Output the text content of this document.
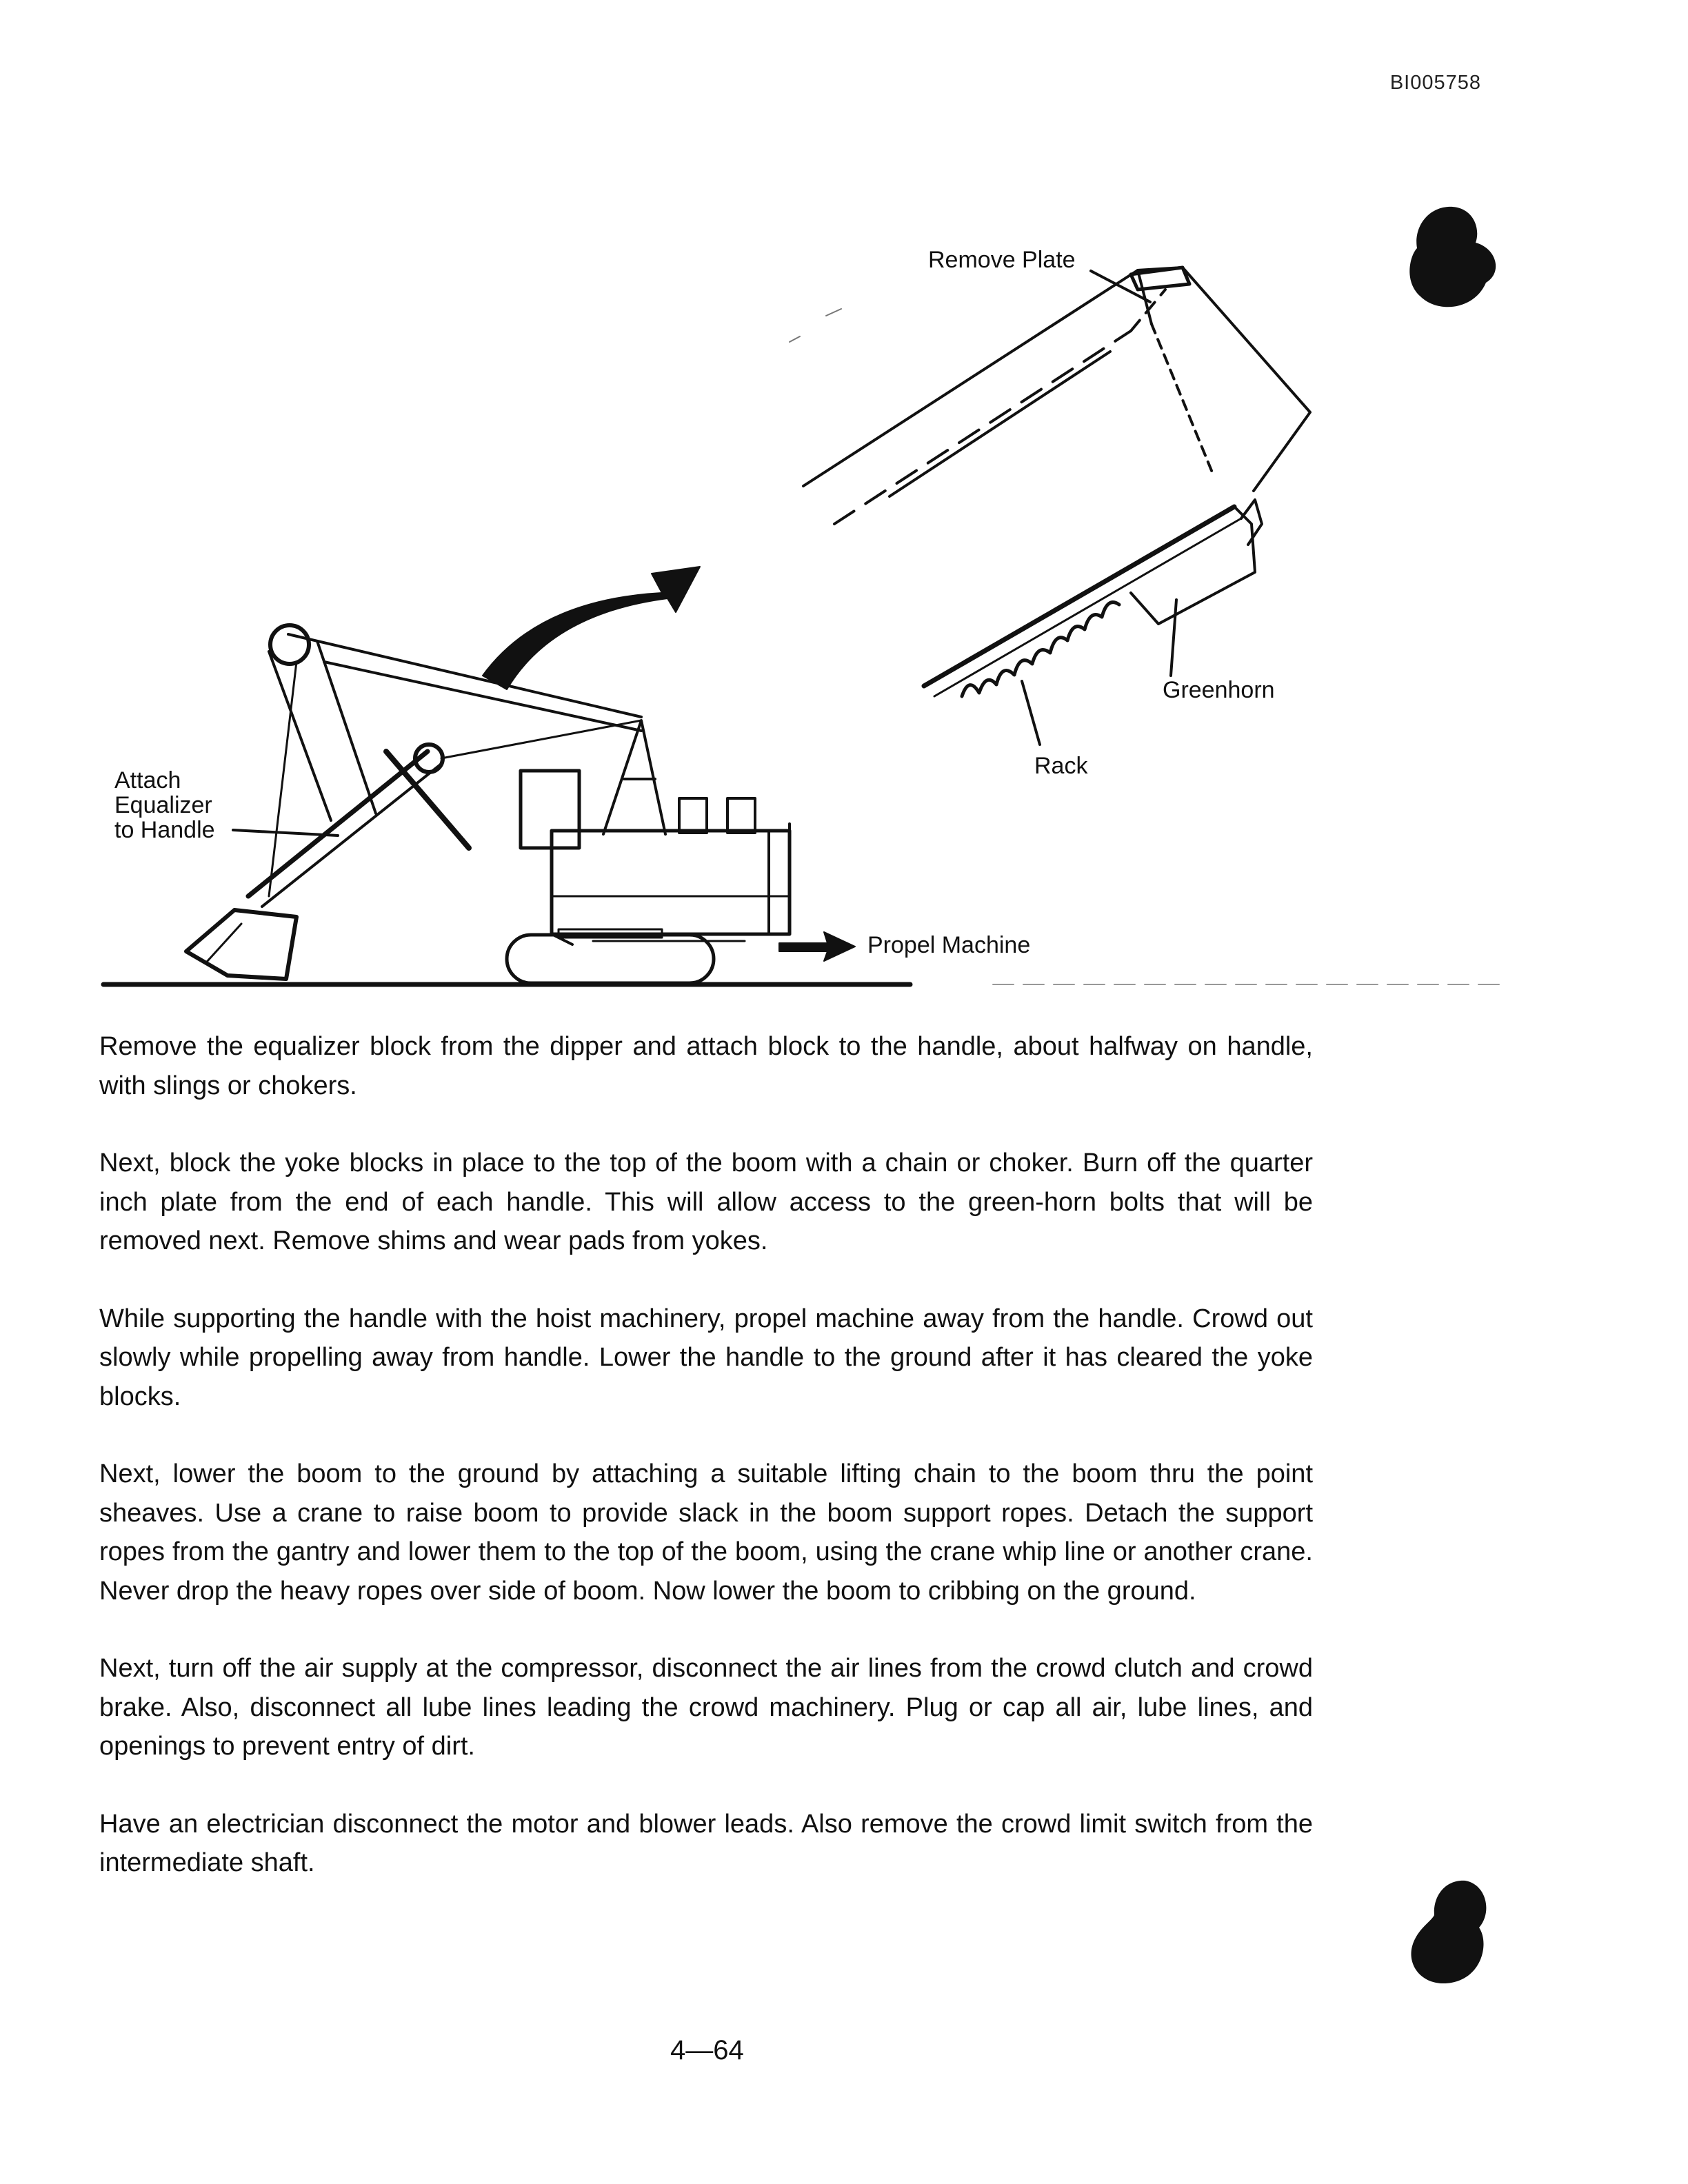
BI005758
Remove Plate
Greenhorn
Rack
Attach
Equalizer
to Handle
Propel Machine

Remove the equalizer block from the dipper and attach block to the handle, about halfway on handle, with slings or chokers.

Next, block the yoke blocks in place to the top of the boom with a chain or choker. Burn off the quarter inch plate from the end of each handle. This will allow access to the green-horn bolts that will be removed next. Remove shims and wear pads from yokes.

While supporting the handle with the hoist machinery, propel machine away from the handle. Crowd out slowly while propelling away from handle. Lower the handle to the ground after it has cleared the yoke blocks.

Next, lower the boom to the ground by attaching a suitable lifting chain to the boom thru the point sheaves. Use a crane to raise boom to provide slack in the boom support ropes. Detach the support ropes from the gantry and lower them to the top of the boom, using the crane whip line or another crane. Never drop the heavy ropes over side of boom. Now lower the boom to cribbing on the ground.

Next, turn off the air supply at the compressor, disconnect the air lines from the crowd clutch and crowd brake. Also, disconnect all lube lines leading the crowd machinery. Plug or cap all air, lube lines, and openings to prevent entry of dirt.

Have an electrician disconnect the motor and blower leads. Also remove the crowd limit switch from the intermediate shaft.

4—64
